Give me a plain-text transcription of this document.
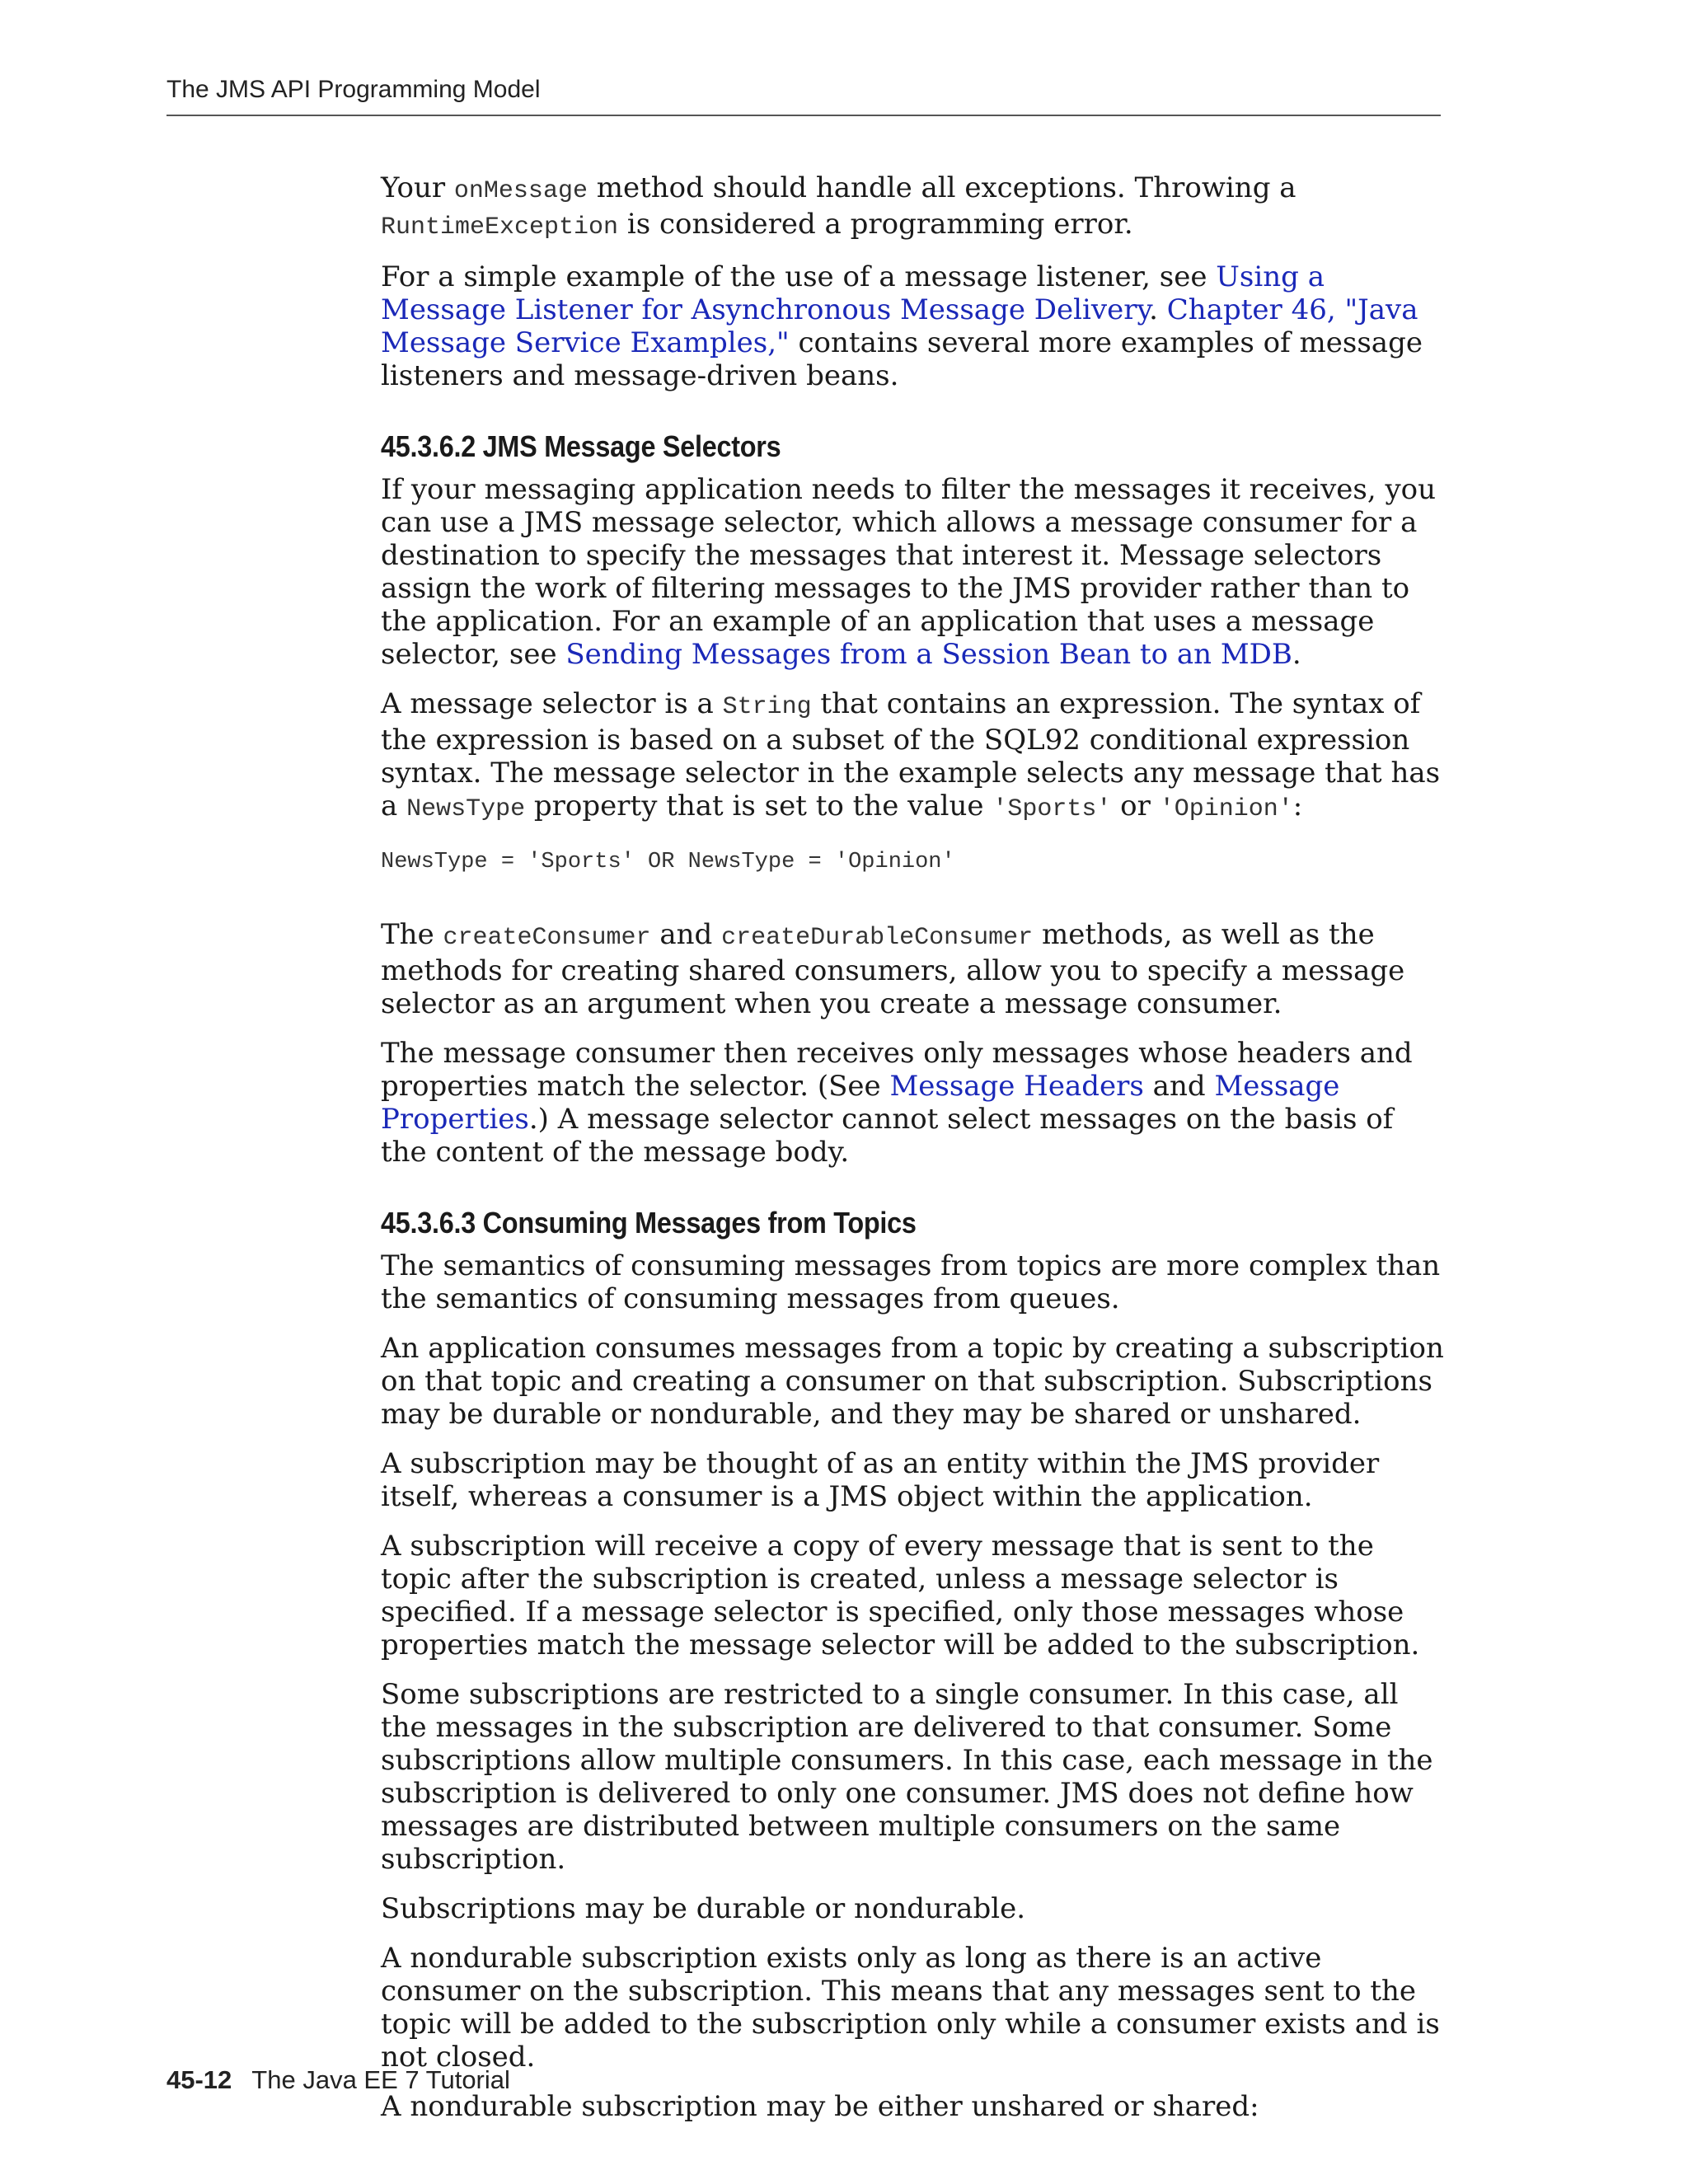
The JMS API Programming Model

Your onMessage method should handle all exceptions. Throwing a RuntimeException is considered a programming error.

For a simple example of the use of a message listener, see Using a Message Listener for Asynchronous Message Delivery. Chapter 46, "Java Message Service Examples," contains several more examples of message listeners and message-driven beans.

45.3.6.2 JMS Message Selectors

If your messaging application needs to filter the messages it receives, you can use a JMS message selector, which allows a message consumer for a destination to specify the messages that interest it. Message selectors assign the work of filtering messages to the JMS provider rather than to the application. For an example of an application that uses a message selector, see Sending Messages from a Session Bean to an MDB.

A message selector is a String that contains an expression. The syntax of the expression is based on a subset of the SQL92 conditional expression syntax. The message selector in the example selects any message that has a NewsType property that is set to the value 'Sports' or 'Opinion':

NewsType = 'Sports' OR NewsType = 'Opinion'

The createConsumer and createDurableConsumer methods, as well as the methods for creating shared consumers, allow you to specify a message selector as an argument when you create a message consumer.

The message consumer then receives only messages whose headers and properties match the selector. (See Message Headers and Message Properties.) A message selector cannot select messages on the basis of the content of the message body.

45.3.6.3 Consuming Messages from Topics

The semantics of consuming messages from topics are more complex than the semantics of consuming messages from queues.

An application consumes messages from a topic by creating a subscription on that topic and creating a consumer on that subscription. Subscriptions may be durable or nondurable, and they may be shared or unshared.

A subscription may be thought of as an entity within the JMS provider itself, whereas a consumer is a JMS object within the application.

A subscription will receive a copy of every message that is sent to the topic after the subscription is created, unless a message selector is specified. If a message selector is specified, only those messages whose properties match the message selector will be added to the subscription.

Some subscriptions are restricted to a single consumer. In this case, all the messages in the subscription are delivered to that consumer. Some subscriptions allow multiple consumers. In this case, each message in the subscription is delivered to only one consumer. JMS does not define how messages are distributed between multiple consumers on the same subscription.

Subscriptions may be durable or nondurable.

A nondurable subscription exists only as long as there is an active consumer on the subscription. This means that any messages sent to the topic will be added to the subscription only while a consumer exists and is not closed.

A nondurable subscription may be either unshared or shared:

45-12 The Java EE 7 Tutorial
